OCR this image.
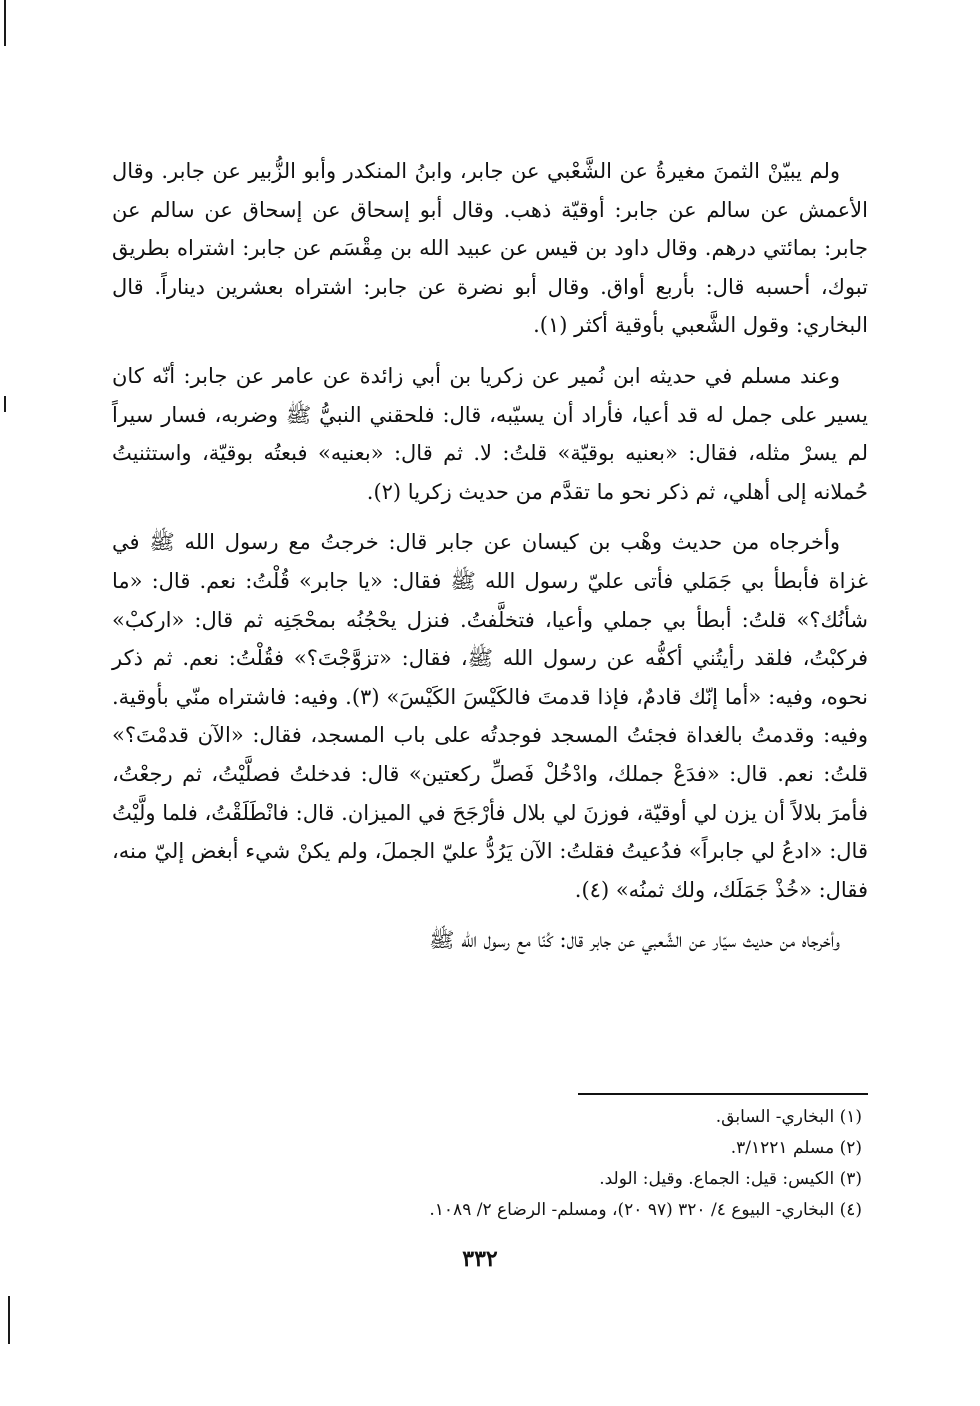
ولم يبيّنْ الثمنَ مغيرةُ عن الشَّعْبي عن جابر، وابنُ المنكدر وأبو الزُّبير عن جابر. وقال الأعمش عن سالم عن جابر: أوقيّة ذهب. وقال أبو إسحاق عن إسحاق عن سالم عن جابر: بمائتي درهم. وقال داود بن قيس عن عبيد الله بن مِقْسَم عن جابر: اشتراه بطريق تبوك، أحسبه قال: بأربع أواق. وقال أبو نضرة عن جابر: اشتراه بعشرين ديناراً. قال البخاري: وقول الشَّعبي بأوقية أكثر (١).

وعند مسلم في حديثه ابن نُمير عن زكريا بن أبي زائدة عن عامر عن جابر: أنّه كان يسير على جمل له قد أعيا، فأراد أن يسيّبه، قال: فلحقني النبيُّ ﷺ وضربه، فسار سيراً لم يسرْ مثله، فقال: «بعنيه بوقيّة» قلتُ: لا. ثم قال: «بعنيه» فبعتُه بوقيّة، واستثنيتُ حُملانه إلى أهلي، ثم ذكر نحو ما تقدَّم من حديث زكريا (٢).

وأخرجاه من حديث وهْب بن كيسان عن جابر قال: خرجتُ مع رسول الله ﷺ في غزاة فأبطأ بي جَمَلي فأتى عليّ رسول الله ﷺ فقال: «يا جابر» قُلْتُ: نعم. قال: «ما شأنُك؟» قلتُ: أبطأ بي جملي وأعيا، فتخلَّفتُ. فنزل يحْجُنُه بمحْجَنِه ثم قال: «اركبْ» فركبْتُ، فلقد رأيتُني أكفُّه عن رسول الله ﷺ، فقال: «تزوَّجْتَ؟» فقُلْتُ: نعم. ثم ذكر نحوه، وفيه: «أما إنّك قادمٌ، فإذا قدمتَ فالكَيْسَ الكَيْسَ» (٣). وفيه: فاشتراه منّي بأوقية. وفيه: وقدمتُ بالغداة فجئتُ المسجد فوجدتُه على باب المسجد، فقال: «الآن قدمْتَ؟» قلتُ: نعم. قال: «فدَعْ جملك، وادْخُلْ فَصلِّ ركعتين» قال: فدخلتُ فصلَّيْتُ، ثم رجعْتُ، فأمرَ بلالاً أن يزن لي أوقيّة، فوزنَ لي بلال فأرْجَحَ في الميزان. قال: فانْطَلَقْتُ، فلما ولَّيْتُ قال: «ادعُ لي جابراً» فدُعيتُ فقلتُ: الآن يَرُدُّ عليّ الجملَ، ولم يكنْ شيء أبغض إليّ منه، فقال: «خُذْ جَمَلَك، ولك ثمنُه» (٤).

وأخرجاه من حديث سيّار عن الشَّعبي عن جابر قال: كُنّا مع رسول الله ﷺ

(١) البخاري- السابق.

(٢) مسلم ٣/١٢٢١.

(٣) الكيس: قيل: الجماع. وقيل: الولد.

(٤) البخاري- البيوع ٤/ ٣٢٠ (٩٧ ٢٠)، ومسلم- الرضاع ٢/ ١٠٨٩.

٣٣٢
